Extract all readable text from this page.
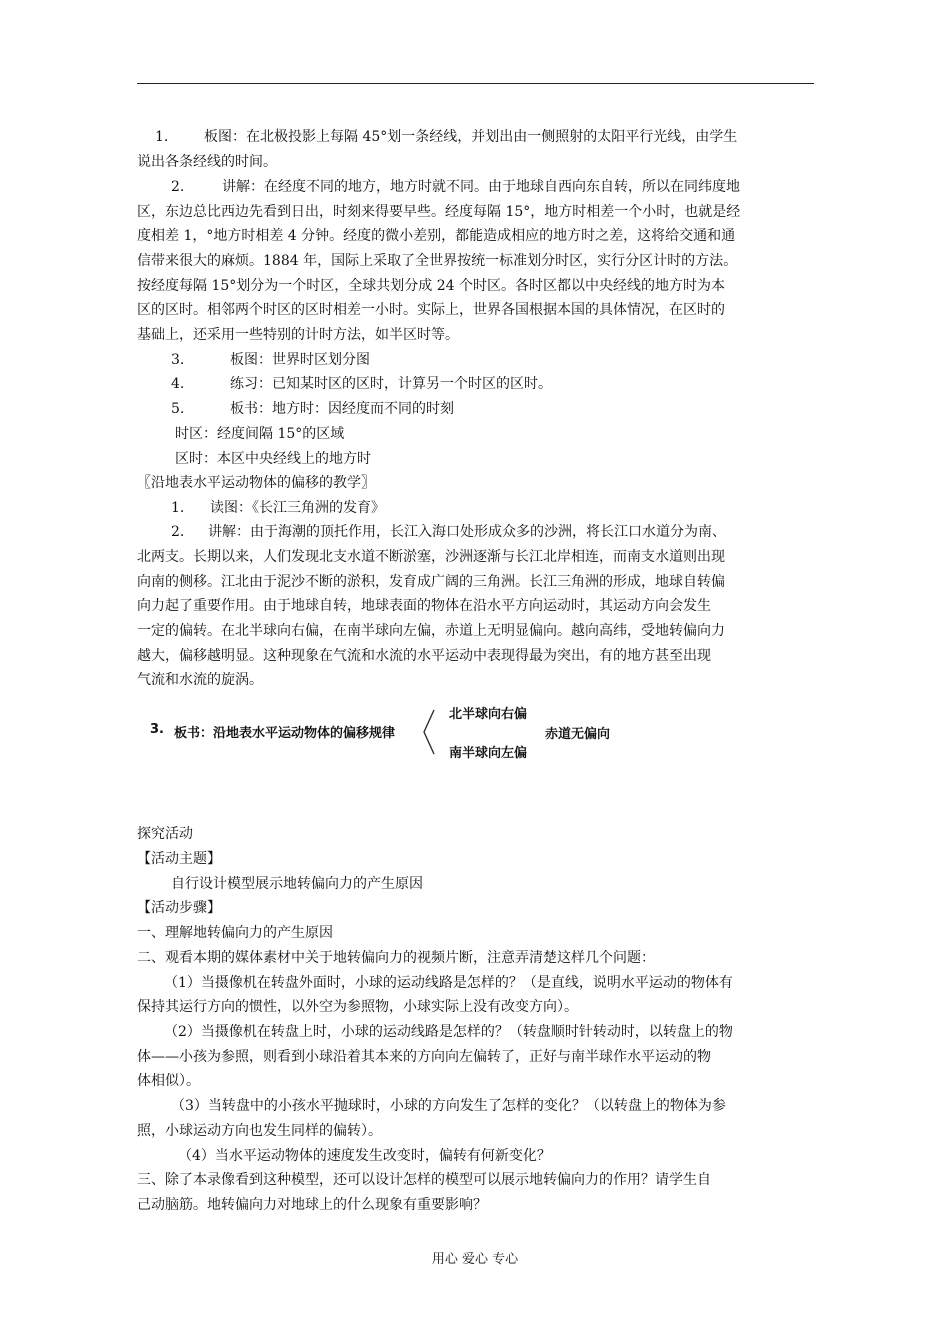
1.	板图：在北极投影上每隔 45°划一条经线，并划出由一侧照射的太阳平行光线，由学生
说出各条经线的时间。
2.	讲解：在经度不同的地方，地方时就不同。由于地球自西向东自转，所以在同纬度地
区，东边总比西边先看到日出，时刻来得要早些。经度每隔 15°，地方时相差一个小时，也就是经
度相差 1，°地方时相差 4 分钟。经度的微小差别，都能造成相应的地方时之差，这将给交通和通
信带来很大的麻烦。1884 年，国际上采取了全世界按统一标准划分时区，实行分区计时的方法。
按经度每隔 15°划分为一个时区，全球共划分成 24 个时区。各时区都以中央经线的地方时为本
区的区时。相邻两个时区的区时相差一小时。实际上，世界各国根据本国的具体情况，在区时的
基础上，还采用一些特别的计时方法，如半区时等。
3.	板图：世界时区划分图
4.	练习：已知某时区的区时，计算另一个时区的区时。
5.	板书：地方时：因经度而不同的时刻
时区：经度间隔 15°的区域
区时：本区中央经线上的地方时
〖沿地表水平运动物体的偏移的教学〗
1. 读图：《长江三角洲的发育》
2. 讲解：由于海潮的顶托作用，长江入海口处形成众多的沙洲，将长江口水道分为南、
北两支。长期以来，人们发现北支水道不断淤塞，沙洲逐渐与长江北岸相连，而南支水道则出现
向南的侧移。江北由于泥沙不断的淤积，发育成广阔的三角洲。长江三角洲的形成，地球自转偏
向力起了重要作用。由于地球自转，地球表面的物体在沿水平方向运动时，其运动方向会发生
一定的偏转。在北半球向右偏，在南半球向左偏，赤道上无明显偏向。越向高纬，受地转偏向力
越大，偏移越明显。这种现象在气流和水流的水平运动中表现得最为突出，有的地方甚至出现
气流和水流的旋涡。
3. 板书：沿地表水平运动物体的偏移规律
北半球向右偏
南半球向左偏
赤道无偏向
探究活动
【活动主题】
自行设计模型展示地转偏向力的产生原因
【活动步骤】
一、理解地转偏向力的产生原因
二、观看本期的媒体素材中关于地转偏向力的视频片断，注意弄清楚这样几个问题：
（1）当摄像机在转盘外面时，小球的运动线路是怎样的？（是直线，说明水平运动的物体有
保持其运行方向的惯性，以外空为参照物，小球实际上没有改变方向）。
（2）当摄像机在转盘上时，小球的运动线路是怎样的？（转盘顺时针转动时，以转盘上的物
体——小孩为参照，则看到小球沿着其本来的方向向左偏转了，正好与南半球作水平运动的物
体相似）。
（3）当转盘中的小孩水平抛球时，小球的方向发生了怎样的变化？（以转盘上的物体为参
照，小球运动方向也发生同样的偏转）。
（4）当水平运动物体的速度发生改变时，偏转有何新变化？
三、除了本录像看到这种模型，还可以设计怎样的模型可以展示地转偏向力的作用？请学生自
己动脑筋。地转偏向力对地球上的什么现象有重要影响？
用心 爱心 专心
